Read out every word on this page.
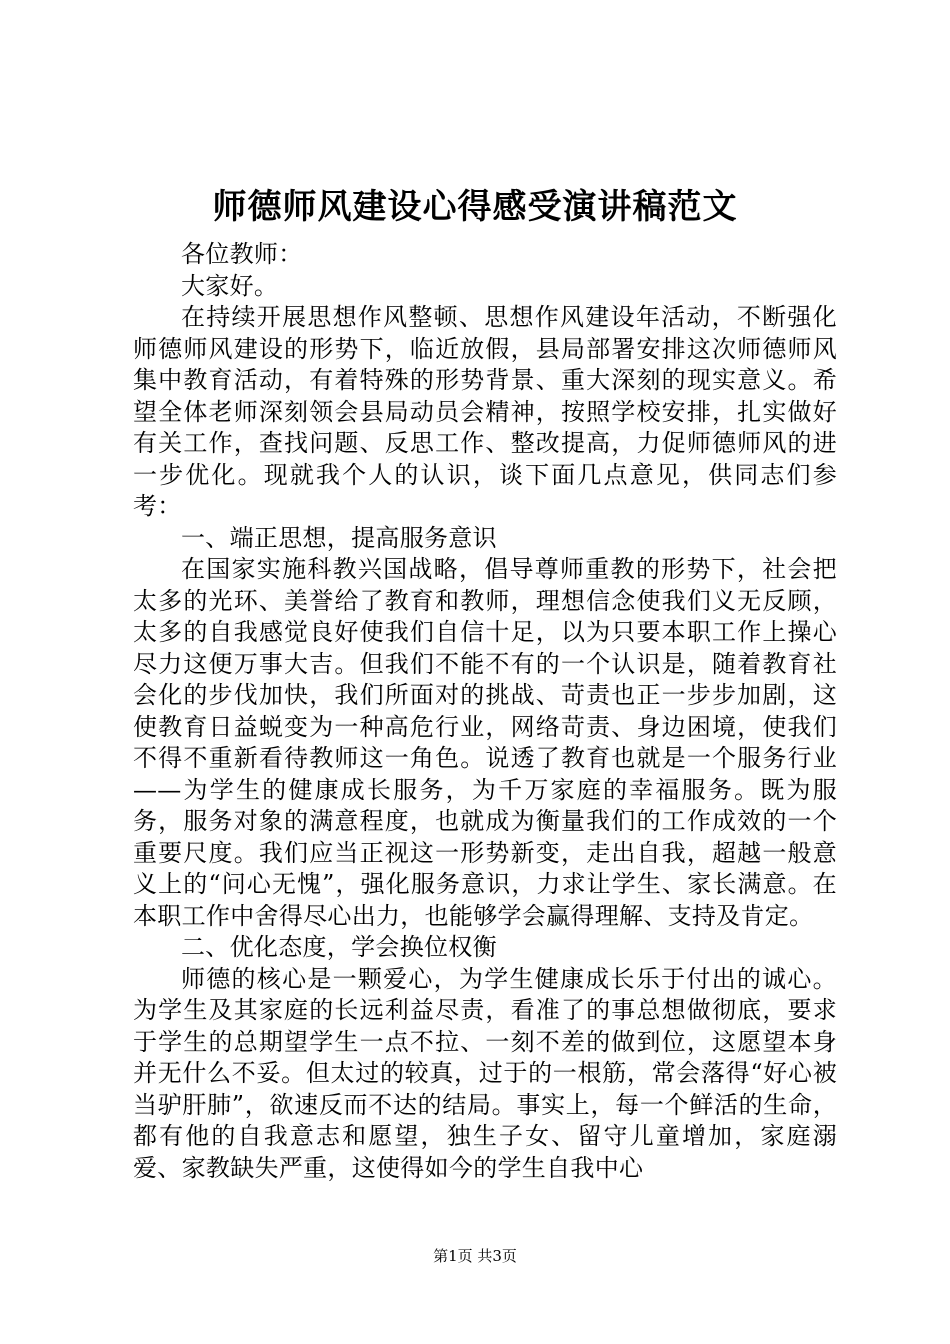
师德师风建设心得感受演讲稿范文

各位教师：

大家好。

在持续开展思想作风整顿、思想作风建设年活动，不断强化师德师风建设的形势下，临近放假，县局部署安排这次师德师风集中教育活动，有着特殊的形势背景、重大深刻的现实意义。希望全体老师深刻领会县局动员会精神，按照学校安排，扎实做好有关工作，查找问题、反思工作、整改提高，力促师德师风的进一步优化。现就我个人的认识，谈下面几点意见，供同志们参考：

一、端正思想，提高服务意识

在国家实施科教兴国战略，倡导尊师重教的形势下，社会把太多的光环、美誉给了教育和教师，理想信念使我们义无反顾，太多的自我感觉良好使我们自信十足，以为只要本职工作上操心尽力这便万事大吉。但我们不能不有的一个认识是，随着教育社会化的步伐加快，我们所面对的挑战、苛责也正一步步加剧，这使教育日益蜕变为一种高危行业，网络苛责、身边困境，使我们不得不重新看待教师这一角色。说透了教育也就是一个服务行业——为学生的健康成长服务，为千万家庭的幸福服务。既为服务，服务对象的满意程度，也就成为衡量我们的工作成效的一个重要尺度。我们应当正视这一形势新变，走出自我，超越一般意义上的“问心无愧”，强化服务意识，力求让学生、家长满意。在本职工作中舍得尽心出力，也能够学会赢得理解、支持及肯定。

二、优化态度，学会换位权衡

师德的核心是一颗爱心，为学生健康成长乐于付出的诚心。为学生及其家庭的长远利益尽责，看准了的事总想做彻底，要求于学生的总期望学生一点不拉、一刻不差的做到位，这愿望本身并无什么不妥。但太过的较真，过于的一根筋，常会落得“好心被当驴肝肺”，欲速反而不达的结局。事实上，每一个鲜活的生命，都有他的自我意志和愿望，独生子女、留守儿童增加，家庭溺爱、家教缺失严重，这使得如今的学生自我中心

第1页 共3页
